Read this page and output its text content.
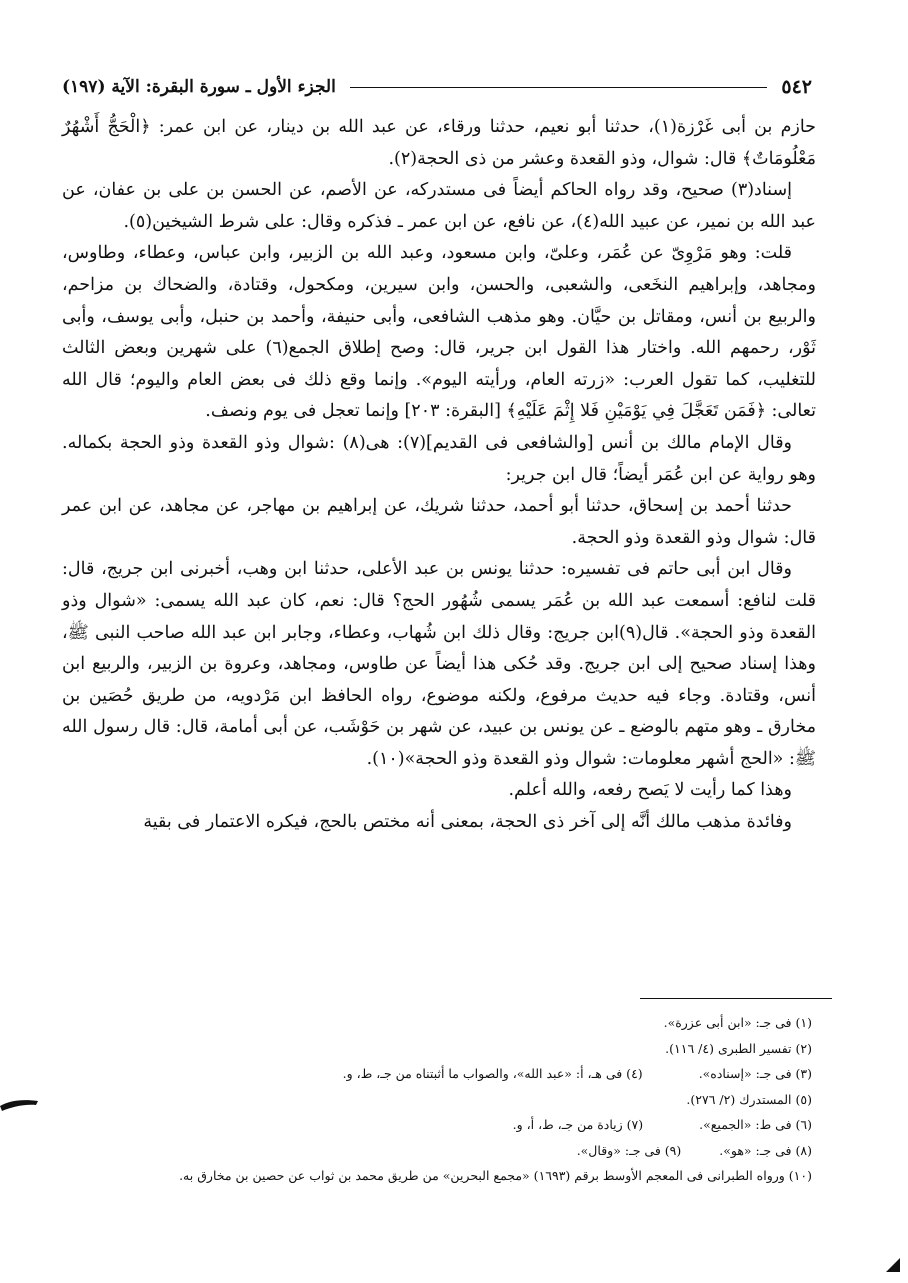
٥٤٢
الجزء الأول ـ سورة البقرة: الآية (١٩٧)

حازم بن أبى غَرْزة(١)، حدثنا أبو نعيم، حدثنا ورقاء، عن عبد الله بن دينار، عن ابن عمر: ﴿الْحَجُّ أَشْهُرٌ مَعْلُومَاتٌ﴾ قال: شوال، وذو القعدة وعشر من ذى الحجة(٢).

إسناد(٣) صحيح، وقد رواه الحاكم أيضاً فى مستدركه، عن الأصم، عن الحسن بن على بن عفان، عن عبد الله بن نمير، عن عبيد الله(٤)، عن نافع، عن ابن عمر ـ فذكره وقال: على شرط الشيخين(٥).

قلت: وهو مَرْوِىّ عن عُمَر، وعلىّ، وابن مسعود، وعبد الله بن الزبير، وابن عباس، وعطاء، وطاوس، ومجاهد، وإبراهيم النخَعى، والشعبى، والحسن، وابن سيرين، ومكحول، وقتادة، والضحاك بن مزاحم، والربيع بن أنس، ومقاتل بن حيَّان. وهو مذهب الشافعى، وأبى حنيفة، وأحمد بن حنبل، وأبى يوسف، وأبى ثَوْر، رحمهم الله. واختار هذا القول ابن جرير، قال: وصح إطلاق الجمع(٦) على شهرين وبعض الثالث للتغليب، كما تقول العرب: «زرته العام، ورأيته اليوم». وإنما وقع ذلك فى بعض العام واليوم؛ قال الله تعالى: ﴿فَمَن تَعَجَّلَ فِي يَوْمَيْنِ فَلا إِثْمَ عَلَيْهِ﴾ [البقرة: ٢٠٣] وإنما تعجل فى يوم ونصف.

وقال الإمام مالك بن أنس [والشافعى فى القديم](٧): هى(٨) :شوال وذو القعدة وذو الحجة بكماله. وهو رواية عن ابن عُمَر أيضاً؛ قال ابن جرير:

حدثنا أحمد بن إسحاق، حدثنا أبو أحمد، حدثنا شريك، عن إبراهيم بن مهاجر، عن مجاهد، عن ابن عمر قال: شوال وذو القعدة وذو الحجة.

وقال ابن أبى حاتم فى تفسيره: حدثنا يونس بن عبد الأعلى، حدثنا ابن وهب، أخبرنى ابن جريج، قال: قلت لنافع: أسمعت عبد الله بن عُمَر يسمى شُهُور الحج؟ قال: نعم، كان عبد الله يسمى: «شوال وذو القعدة وذو الحجة». قال(٩)ابن جريج: وقال ذلك ابن شُهاب، وعطاء، وجابر ابن عبد الله صاحب النبى ﷺ، وهذا إسناد صحيح إلى ابن جريج. وقد حُكى هذا أيضاً عن طاوس، ومجاهد، وعروة بن الزبير، والربيع ابن أنس، وقتادة. وجاء فيه حديث مرفوع، ولكنه موضوع، رواه الحافظ ابن مَرْدويه، من طريق حُصَين بن مخارق ـ وهو متهم بالوضع ـ عن يونس بن عبيد، عن شهر بن حَوْشَب، عن أبى أمامة، قال: قال رسول الله ﷺ: «الحج أشهر معلومات: شوال وذو القعدة وذو الحجة»(١٠).

وهذا كما رأيت لا يَصح رفعه، والله أعلم.

وفائدة مذهب مالك أنَّه إلى آخر ذى الحجة، بمعنى أنه مختص بالحج، فيكره الاعتمار فى بقية

(١) فى جـ: «ابن أبى عزرة».
(٢) تفسير الطبرى (٤/ ١١٦).
(٣) فى جـ: «إسناده».
(٤) فى هـ، أ: «عبد الله»، والصواب ما أثبتناه من جـ، ط، و.
(٥) المستدرك (٢/ ٢٧٦).
(٦) فى ط: «الجميع».
(٧) زيادة من جـ، ط، أ، و.
(٨) فى جـ: «هو».
(٩) فى جـ: «وقال».
(١٠) ورواه الطبرانى فى المعجم الأوسط برقم (١٦٩٣) «مجمع البحرين» من طريق محمد بن ثواب عن حصين بن مخارق به.
